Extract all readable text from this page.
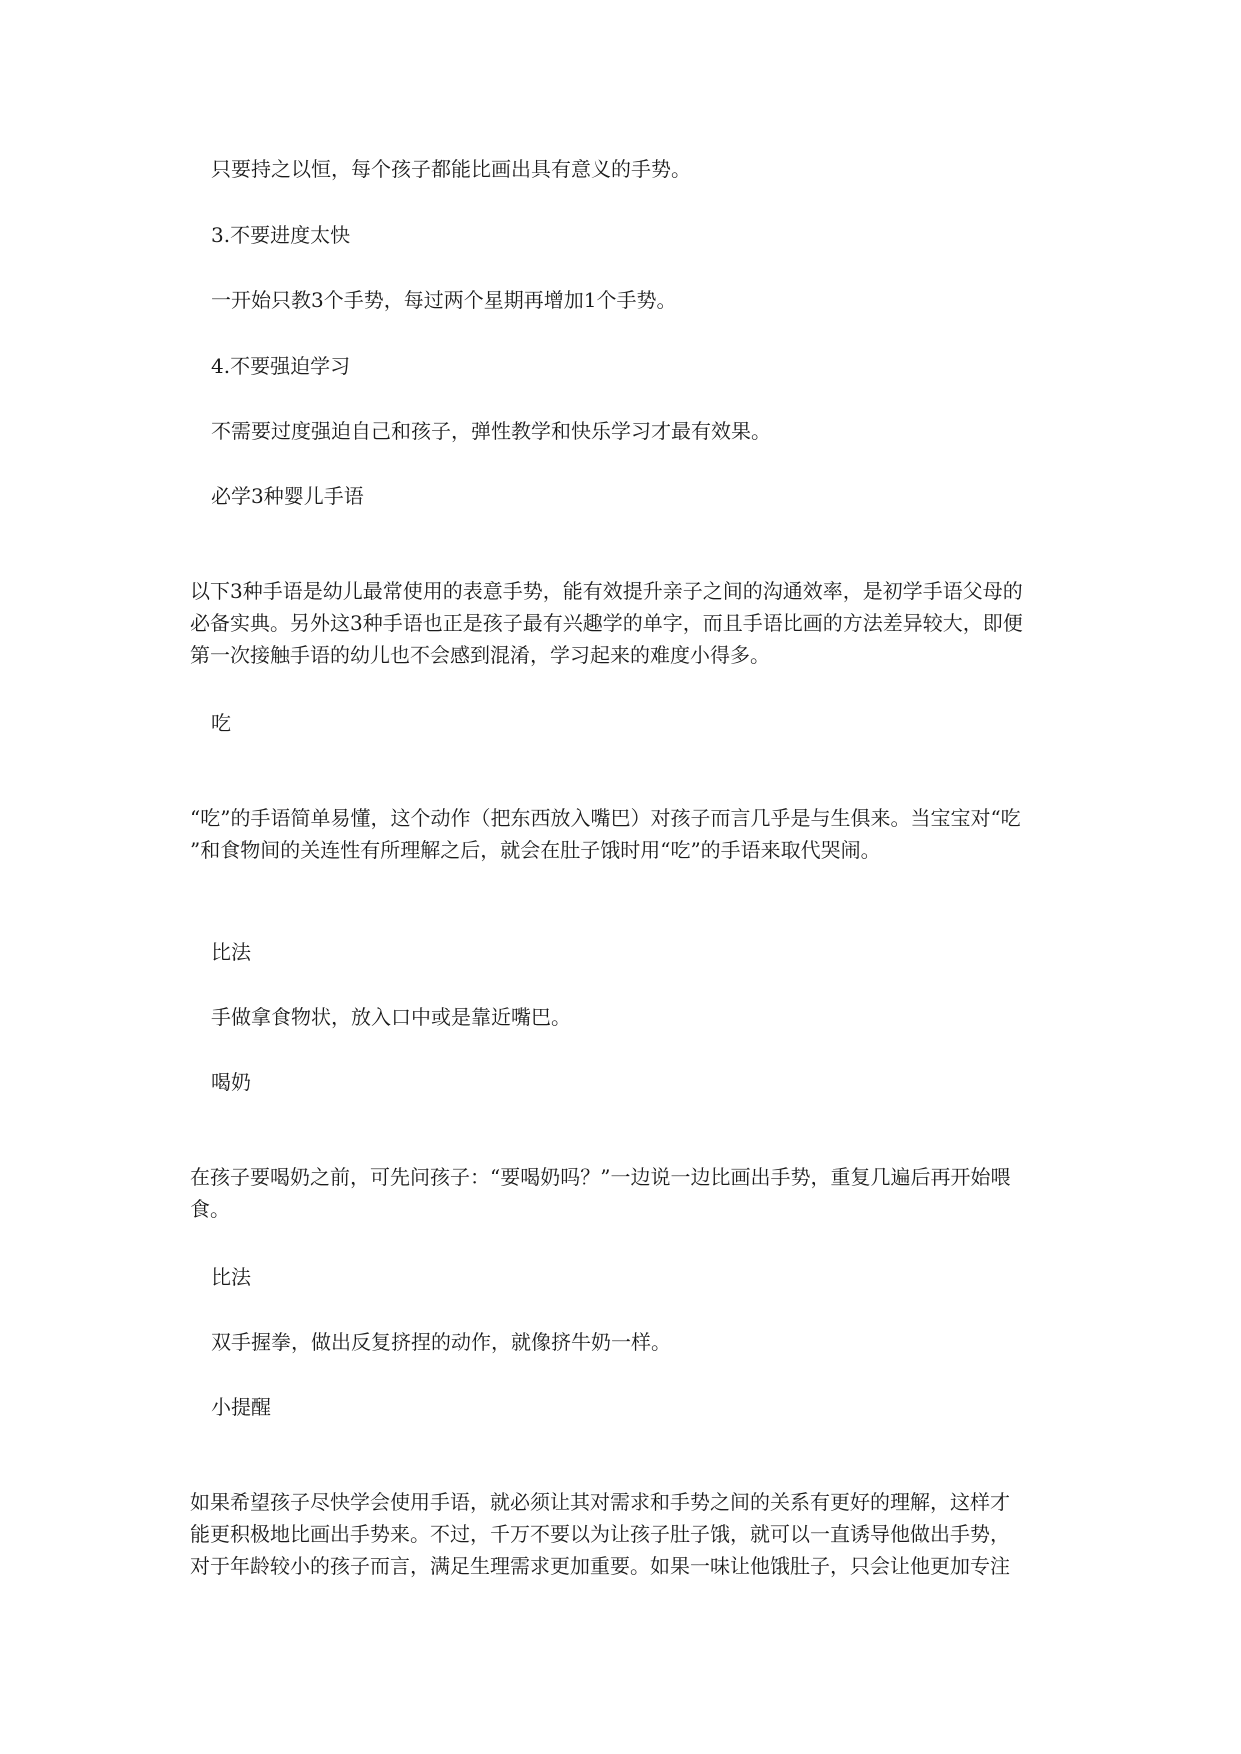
只要持之以恒，每个孩子都能比画出具有意义的手势。

3.不要进度太快

一开始只教3个手势，每过两个星期再增加1个手势。

4.不要强迫学习

不需要过度强迫自己和孩子，弹性教学和快乐学习才最有效果。

必学3种婴儿手语

以下3种手语是幼儿最常使用的表意手势，能有效提升亲子之间的沟通效率，是初学手语父母的

必备实典。另外这3种手语也正是孩子最有兴趣学的单字，而且手语比画的方法差异较大，即便

第一次接触手语的幼儿也不会感到混淆，学习起来的难度小得多。

吃

“吃”的手语简单易懂，这个动作（把东西放入嘴巴）对孩子而言几乎是与生俱来。当宝宝对“吃

”和食物间的关连性有所理解之后，就会在肚子饿时用“吃”的手语来取代哭闹。

比法

手做拿食物状，放入口中或是靠近嘴巴。

喝奶

在孩子要喝奶之前，可先问孩子：“要喝奶吗？”一边说一边比画出手势，重复几遍后再开始喂

食。

比法

双手握拳，做出反复挤捏的动作，就像挤牛奶一样。

小提醒

如果希望孩子尽快学会使用手语，就必须让其对需求和手势之间的关系有更好的理解，这样才

能更积极地比画出手势来。不过，千万不要以为让孩子肚子饿，就可以一直诱导他做出手势，

对于年龄较小的孩子而言，满足生理需求更加重要。如果一味让他饿肚子，只会让他更加专注
